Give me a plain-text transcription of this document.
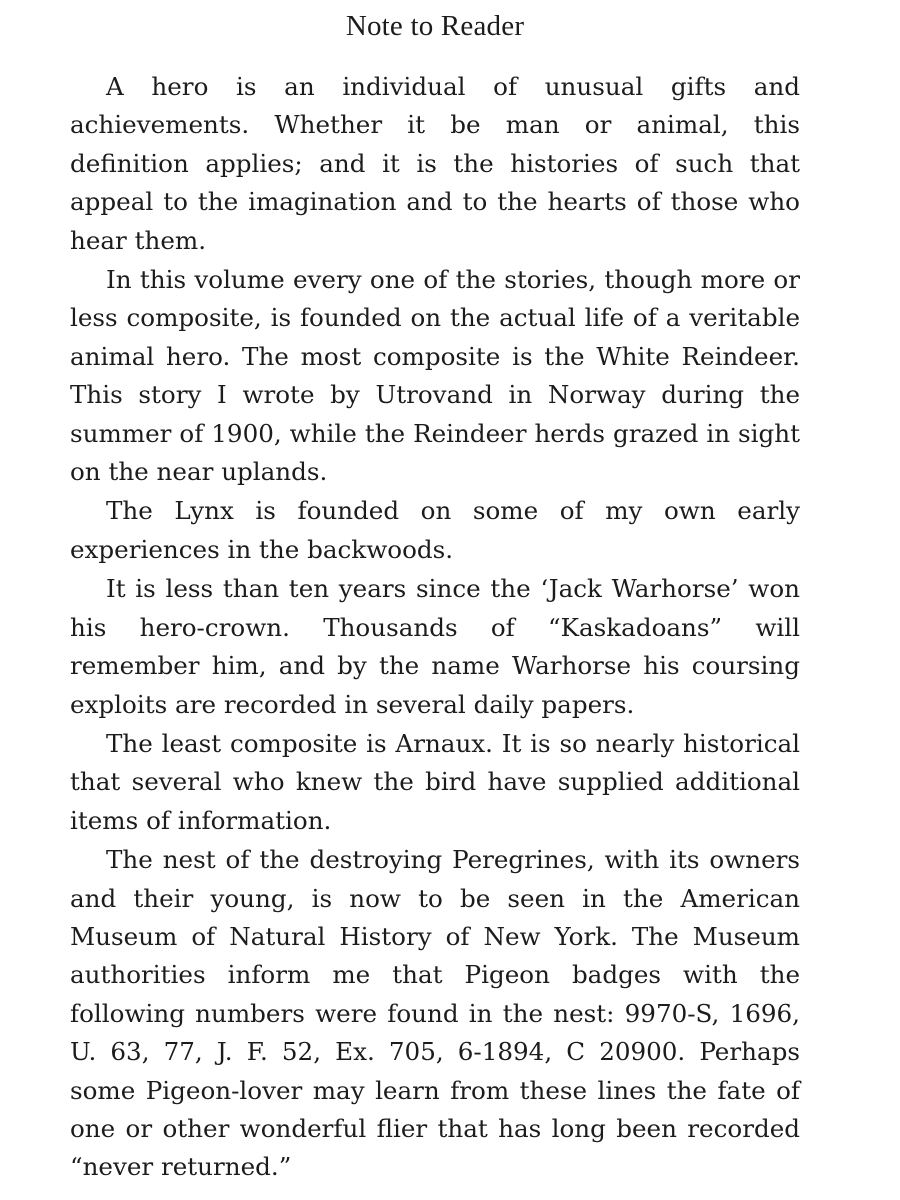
Note to Reader

A hero is an individual of unusual gifts and achievements. Whether it be man or animal, this definition applies; and it is the histories of such that appeal to the imagination and to the hearts of those who hear them.

In this volume every one of the stories, though more or less composite, is founded on the actual life of a veritable animal hero. The most composite is the White Reindeer. This story I wrote by Utrovand in Norway during the summer of 1900, while the Reindeer herds grazed in sight on the near uplands.

The Lynx is founded on some of my own early experiences in the backwoods.

It is less than ten years since the ‘Jack Warhorse’ won his hero-crown. Thousands of “Kaskadoans” will remember him, and by the name Warhorse his coursing exploits are recorded in several daily papers.

The least composite is Arnaux. It is so nearly historical that several who knew the bird have supplied additional items of information.

The nest of the destroying Peregrines, with its owners and their young, is now to be seen in the American Museum of Natural History of New York. The Museum authorities inform me that Pigeon badges with the following numbers were found in the nest: 9970-S, 1696, U. 63, 77, J. F. 52, Ex. 705, 6-1894, C 20900. Perhaps some Pigeon-lover may learn from these lines the fate of one or other wonderful flier that has long been recorded “never returned.”
